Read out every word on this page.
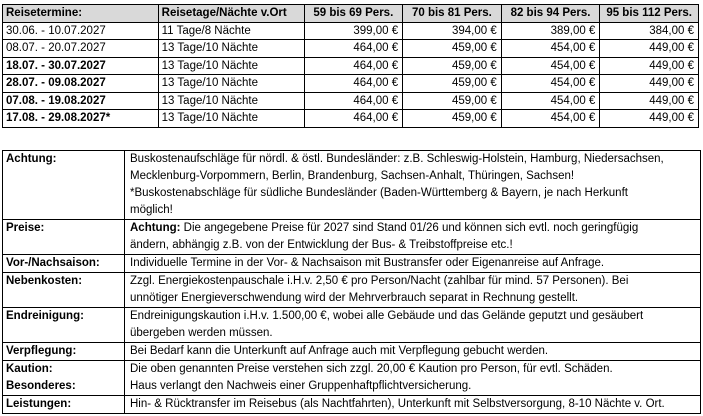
Reisetermine:	Reisetage/Nächte v.Ort	59 bis 69 Pers.	70 bis 81 Pers.	82 bis 94 Pers.	95 bis 112 Pers.
30.06. - 10.07.2027	11 Tage/8 Nächte	399,00 €	394,00 €	389,00 €	384,00 €
08.07. - 20.07.2027	13 Tage/10 Nächte	464,00 €	459,00 €	454,00 €	449,00 €
18.07. - 30.07.2027	13 Tage/10 Nächte	464,00 €	459,00 €	454,00 €	449,00 €
28.07. - 09.08.2027	13 Tage/10 Nächte	464,00 €	459,00 €	454,00 €	449,00 €
07.08. - 19.08.2027	13 Tage/10 Nächte	464,00 €	459,00 €	454,00 €	449,00 €
17.08. - 29.08.2027*	13 Tage/10 Nächte	464,00 €	459,00 €	454,00 €	449,00 €
Achtung:	Buskostenaufschläge für nördl. & östl. Bundesländer: z.B. Schleswig-Holstein, Hamburg, Niedersachsen,
Mecklenburg-Vorpommern, Berlin, Brandenburg, Sachsen-Anhalt, Thüringen, Sachsen!
*Buskostenabschläge für südliche Bundesländer (Baden-Württemberg & Bayern, je nach Herkunft
möglich!

Preise:	Achtung: Die angegebene Preise für 2027 sind Stand 01/26 und können sich evtl. noch geringfügig
ändern, abhängig z.B. von der Entwicklung der Bus- & Treibstoffpreise etc.!

Vor-/Nachsaison:	Individuelle Termine in der Vor- & Nachsaison mit Bustransfer oder Eigenanreise auf Anfrage.
Nebenkosten:	Zzgl. Energiekostenpauschale i.H.v. 2,50 € pro Person/Nacht (zahlbar für mind. 57 Personen). Bei
unnötiger Energieverschwendung wird der Mehrverbrauch separat in Rechnung gestellt.

Endreinigung:	Endreinigungskaution i.H.v. 1.500,00 €, wobei alle Gebäude und das Gelände geputzt und gesäubert
übergeben werden müssen.

Verpflegung:	Bei Bedarf kann die Unterkunft auf Anfrage auch mit Verpflegung gebucht werden.
Kaution:	Die oben genannten Preise verstehen sich zzgl. 20,00 € Kaution pro Person, für evtl. Schäden.
Besonderes:	Haus verlangt den Nachweis einer Gruppenhaftpflichtversicherung.
Leistungen:	Hin- & Rücktransfer im Reisebus (als Nachtfahrten), Unterkunft mit Selbstversorgung, 8-10 Nächte v. Ort.
